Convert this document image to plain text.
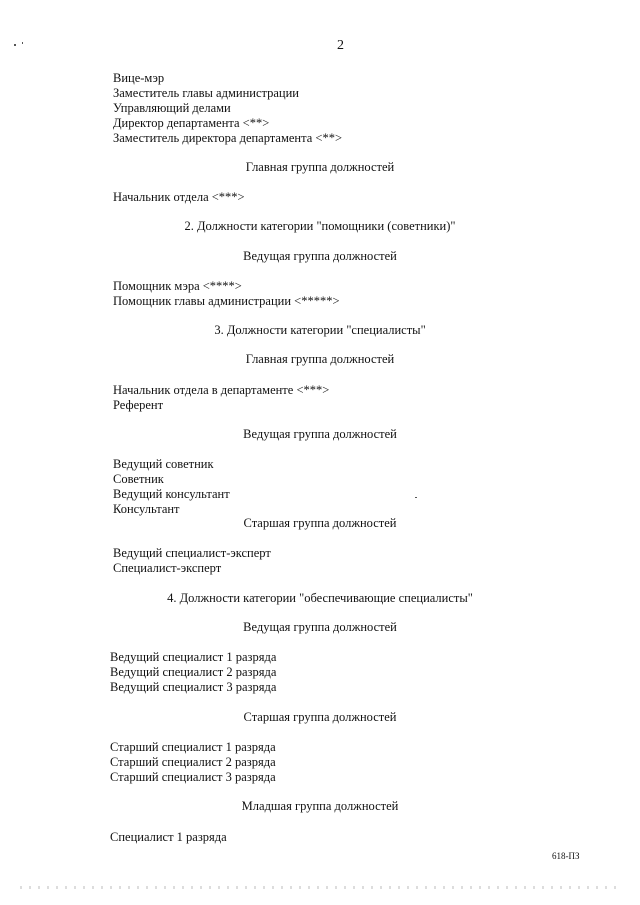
2
Вице-мэр
Заместитель главы администрации
Управляющий делами
Директор департамента <**>
Заместитель директора департамента <**>
Главная группа должностей
Начальник отдела <***>
2. Должности категории "помощники (советники)"
Ведущая группа должностей
Помощник мэра <****>
Помощник главы администрации <*****>
3. Должности категории "специалисты"
Главная группа должностей
Начальник отдела в департаменте <***>
Референт
Ведущая группа должностей
Ведущий советник
Советник
Ведущий консультант
Консультант
Старшая группа должностей
Ведущий специалист-эксперт
Специалист-эксперт
4. Должности категории "обеспечивающие специалисты"
Ведущая группа должностей
Ведущий специалист 1 разряда
Ведущий специалист 2 разряда
Ведущий специалист 3 разряда
Старшая группа должностей
Старший специалист 1 разряда
Старший специалист 2 разряда
Старший специалист 3 разряда
Младшая группа должностей
Специалист 1 разряда
618-ПЗ
